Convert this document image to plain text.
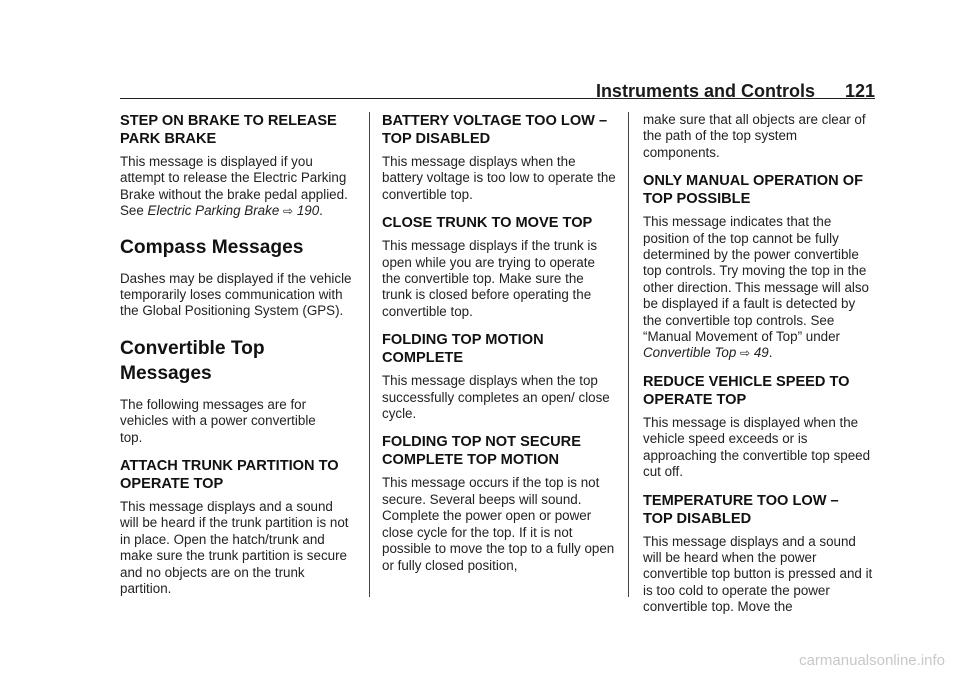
Instruments and Controls 121
STEP ON BRAKE TO RELEASE PARK BRAKE

This message is displayed if you attempt to release the Electric Parking Brake without the brake pedal applied. See Electric Parking Brake ⇨ 190.

Compass Messages

Dashes may be displayed if the vehicle temporarily loses communication with the Global Positioning System (GPS).

Convertible Top Messages

The following messages are for vehicles with a power convertible top.

ATTACH TRUNK PARTITION TO OPERATE TOP

This message displays and a sound will be heard if the trunk partition is not in place. Open the hatch/trunk and make sure the trunk partition is secure and no objects are on the trunk partition.

BATTERY VOLTAGE TOO LOW – TOP DISABLED

This message displays when the battery voltage is too low to operate the convertible top.

CLOSE TRUNK TO MOVE TOP

This message displays if the trunk is open while you are trying to operate the convertible top. Make sure the trunk is closed before operating the convertible top.

FOLDING TOP MOTION COMPLETE

This message displays when the top successfully completes an open/ close cycle.

FOLDING TOP NOT SECURE COMPLETE TOP MOTION

This message occurs if the top is not secure. Several beeps will sound. Complete the power open or power close cycle for the top. If it is not possible to move the top to a fully open or fully closed position,

make sure that all objects are clear of the path of the top system components.

ONLY MANUAL OPERATION OF TOP POSSIBLE

This message indicates that the position of the top cannot be fully determined by the power convertible top controls. Try moving the top in the other direction. This message will also be displayed if a fault is detected by the convertible top controls. See “Manual Movement of Top” under Convertible Top ⇨ 49.

REDUCE VEHICLE SPEED TO OPERATE TOP

This message is displayed when the vehicle speed exceeds or is approaching the convertible top speed cut off.

TEMPERATURE TOO LOW – TOP DISABLED

This message displays and a sound will be heard when the power convertible top button is pressed and it is too cold to operate the power convertible top. Move the

carmanualsonline.info
